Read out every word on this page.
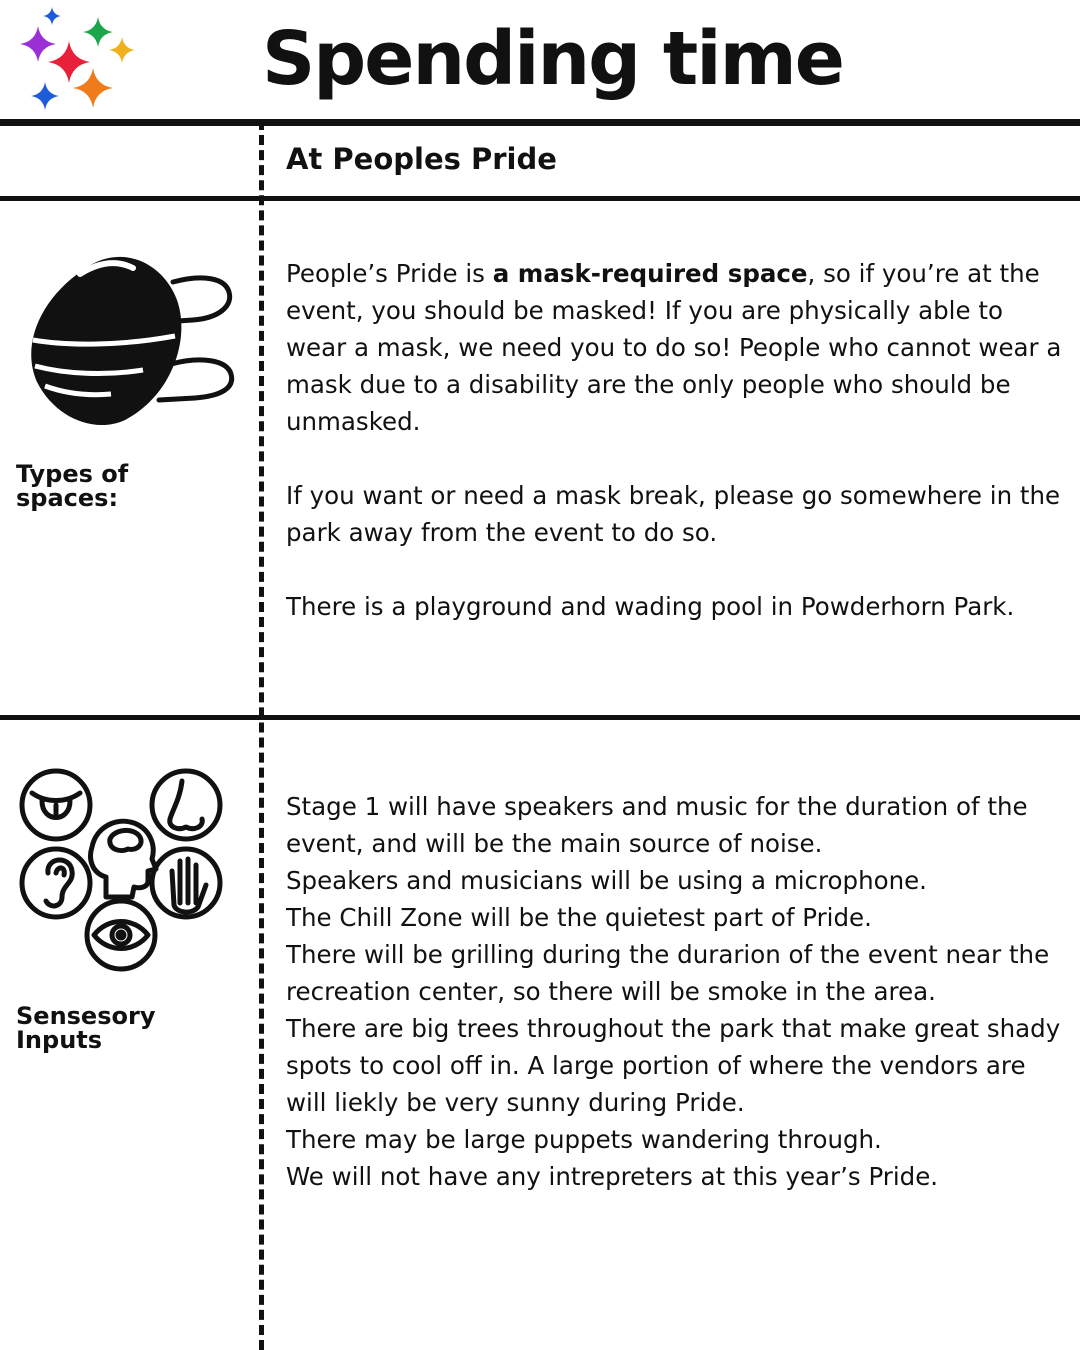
Spending time
At Peoples Pride

Types of
spaces:

People’s Pride is a mask-required space, so if you’re at the event, you should be masked! If you are physically able to wear a mask, we need you to do so! People who cannot wear a mask due to a disability are the only people who should be unmasked.

If you want or need a mask break, please go somewhere in the park away from the event to do so.

There is a playground and wading pool in Powderhorn Park.

Sensesory
Inputs

Stage 1 will have speakers and music for the duration of the event, and will be the main source of noise.

Speakers and musicians will be using a microphone.

The Chill Zone will be the quietest part of Pride.

There will be grilling during the durarion of the event near the recreation center, so there will be smoke in the area.

There are big trees throughout the park that make great shady spots to cool off in. A large portion of where the vendors are will liekly be very sunny during Pride.

There may be large puppets wandering through.

We will not have any intrepreters at this year’s Pride.
